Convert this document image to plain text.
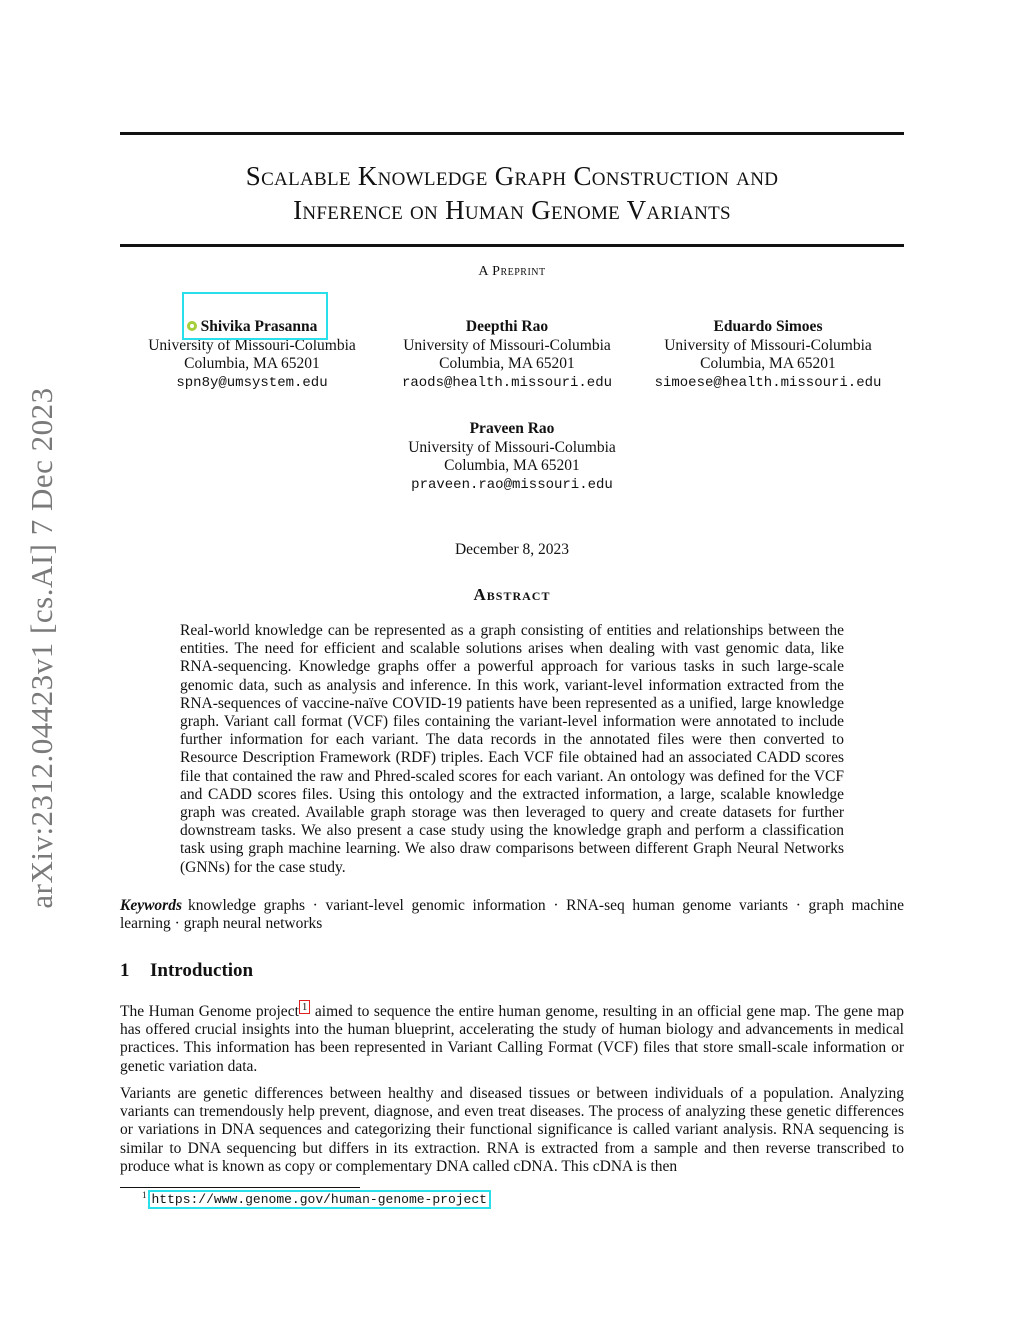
arXiv:2312.04423v1 [cs.AI] 7 Dec 2023
Scalable Knowledge Graph Construction and
Inference on Human Genome Variants
A Preprint
Shivika Prasanna
University of Missouri-Columbia
Columbia, MA 65201
spn8y@umsystem.edu
Deepthi Rao
University of Missouri-Columbia
Columbia, MA 65201
raods@health.missouri.edu
Eduardo Simoes
University of Missouri-Columbia
Columbia, MA 65201
simoese@health.missouri.edu
Praveen Rao
University of Missouri-Columbia
Columbia, MA 65201
praveen.rao@missouri.edu
December 8, 2023
Abstract
Real-world knowledge can be represented as a graph consisting of entities and relationships between the entities. The need for efficient and scalable solutions arises when dealing with vast genomic data, like RNA-sequencing. Knowledge graphs offer a powerful approach for various tasks in such large-scale genomic data, such as analysis and inference. In this work, variant-level information extracted from the RNA-sequences of vaccine-naïve COVID-19 patients have been represented as a unified, large knowledge graph. Variant call format (VCF) files containing the variant-level information were annotated to include further information for each variant. The data records in the annotated files were then converted to Resource Description Framework (RDF) triples. Each VCF file obtained had an associated CADD scores file that contained the raw and Phred-scaled scores for each variant. An ontology was defined for the VCF and CADD scores files. Using this ontology and the extracted information, a large, scalable knowledge graph was created. Available graph storage was then leveraged to query and create datasets for further downstream tasks. We also present a case study using the knowledge graph and perform a classification task using graph machine learning. We also draw comparisons between different Graph Neural Networks (GNNs) for the case study.
Keywords knowledge graphs · variant-level genomic information · RNA-seq human genome variants · graph machine learning · graph neural networks
1 Introduction
The Human Genome project $^1$ aimed to sequence the entire human genome, resulting in an official gene map. The gene map has offered crucial insights into the human blueprint, accelerating the study of human biology and advancements in medical practices. This information has been represented in Variant Calling Format (VCF) files that store small-scale information or genetic variation data.
Variants are genetic differences between healthy and diseased tissues or between individuals of a population. Analyzing variants can tremendously help prevent, diagnose, and even treat diseases. The process of analyzing these genetic differences or variations in DNA sequences and categorizing their functional significance is called variant analysis. RNA sequencing is similar to DNA sequencing but differs in its extraction. RNA is extracted from a sample and then reverse transcribed to produce what is known as copy or complementary DNA called cDNA. This cDNA is then
$^1$ https://www.genome.gov/human-genome-project
